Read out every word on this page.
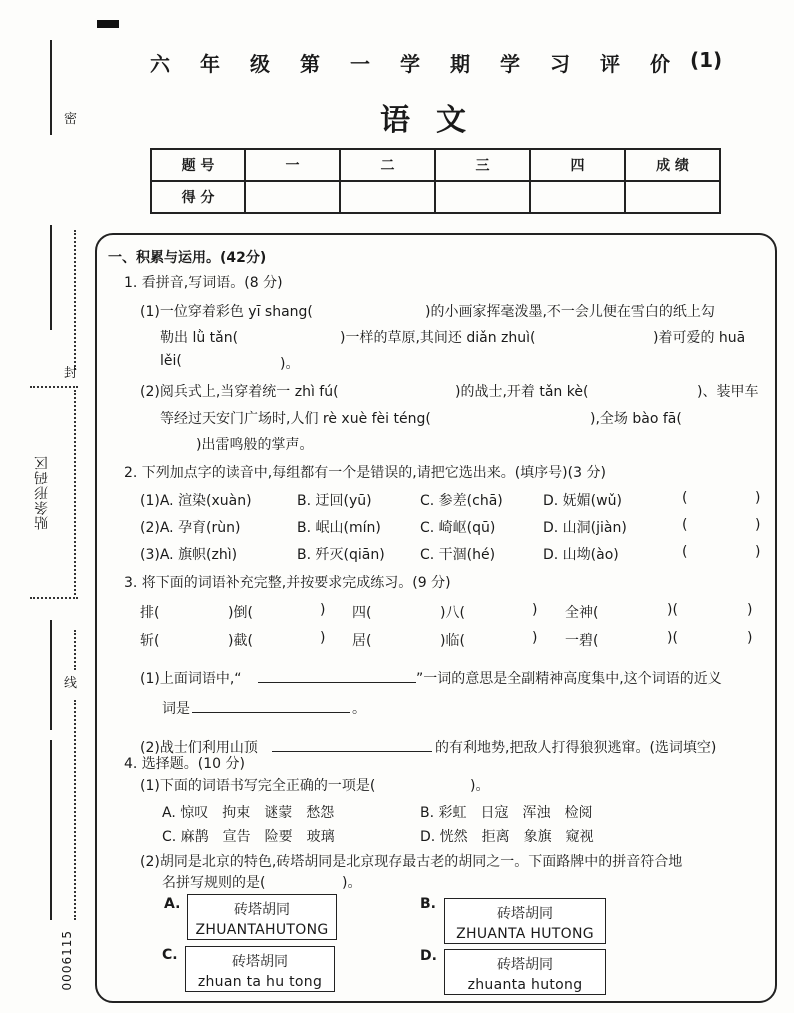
密
封
贴条形码区
线
0006115
六 年 级 第 一 学 期 学 习 评 价 (1)
语文
题 号	一	二	三	四	成 绩
得 分					
一、积累与运用。(42分)
1. 看拼音,写词语。(8 分)
(1)一位穿着彩色 yī shang(	)的小画家挥毫泼墨,不一会儿便在雪白的纸上勾
勒出 lǜ tǎn(	)一样的草原,其间还 diǎn zhuì(	)着可爱的 huā
lěi(	)。
(2)阅兵式上,当穿着统一 zhì fú(	)的战士,开着 tǎn kè(	)、装甲车
等经过天安门广场时,人们 rè xuè fèi téng(	),全场 bào fā(
)出雷鸣般的掌声。
2. 下列加点字的读音中,每组都有一个是错误的,请把它选出来。(填序号)(3 分)
(1)A. 渲染(xuàn)	B. 迂回(yū)	C. 参差(chā)	D. 妩媚(wǔ)	(	)
(2)A. 孕育(rùn)	B. 岷山(mín)	C. 崎岖(qū)	D. 山洞(jiàn)	(	)
(3)A. 旗帜(zhì)	B. 歼灭(qiān)	C. 干涸(hé)	D. 山坳(ào)	(	)
3. 将下面的词语补充完整,并按要求完成练习。(9 分)
排(	)倒(	) 四(	)八(	) 全神(	)(	)
斩(	)截(	) 居(	)临(	) 一碧(	)(	)
(1)上面词语中,“	”一词的意思是全副精神高度集中,这个词语的近义
词是	。
(2)战士们利用山顶	的有利地势,把敌人打得狼狈逃窜。(选词填空)
4. 选择题。(10 分)
(1)下面的词语书写完全正确的一项是(	)。
A. 惊叹　拘束　谜蒙　愁怨	B. 彩虹　日寇　浑浊　检阅
C. 麻鹊　宣告　险要　玻璃	D. 恍然　拒离　象旗　窥视
(2)胡同是北京的特色,砖塔胡同是北京现存最古老的胡同之一。下面路牌中的拼音符合地
名拼写规则的是(	)。
A.	砖塔胡同
ZHUANTAHUTONG
B.
砖塔胡同
ZHUANTA HUTONG
C.	砖塔胡同
zhuan ta hu tong
D.
砖塔胡同
zhuanta hutong
